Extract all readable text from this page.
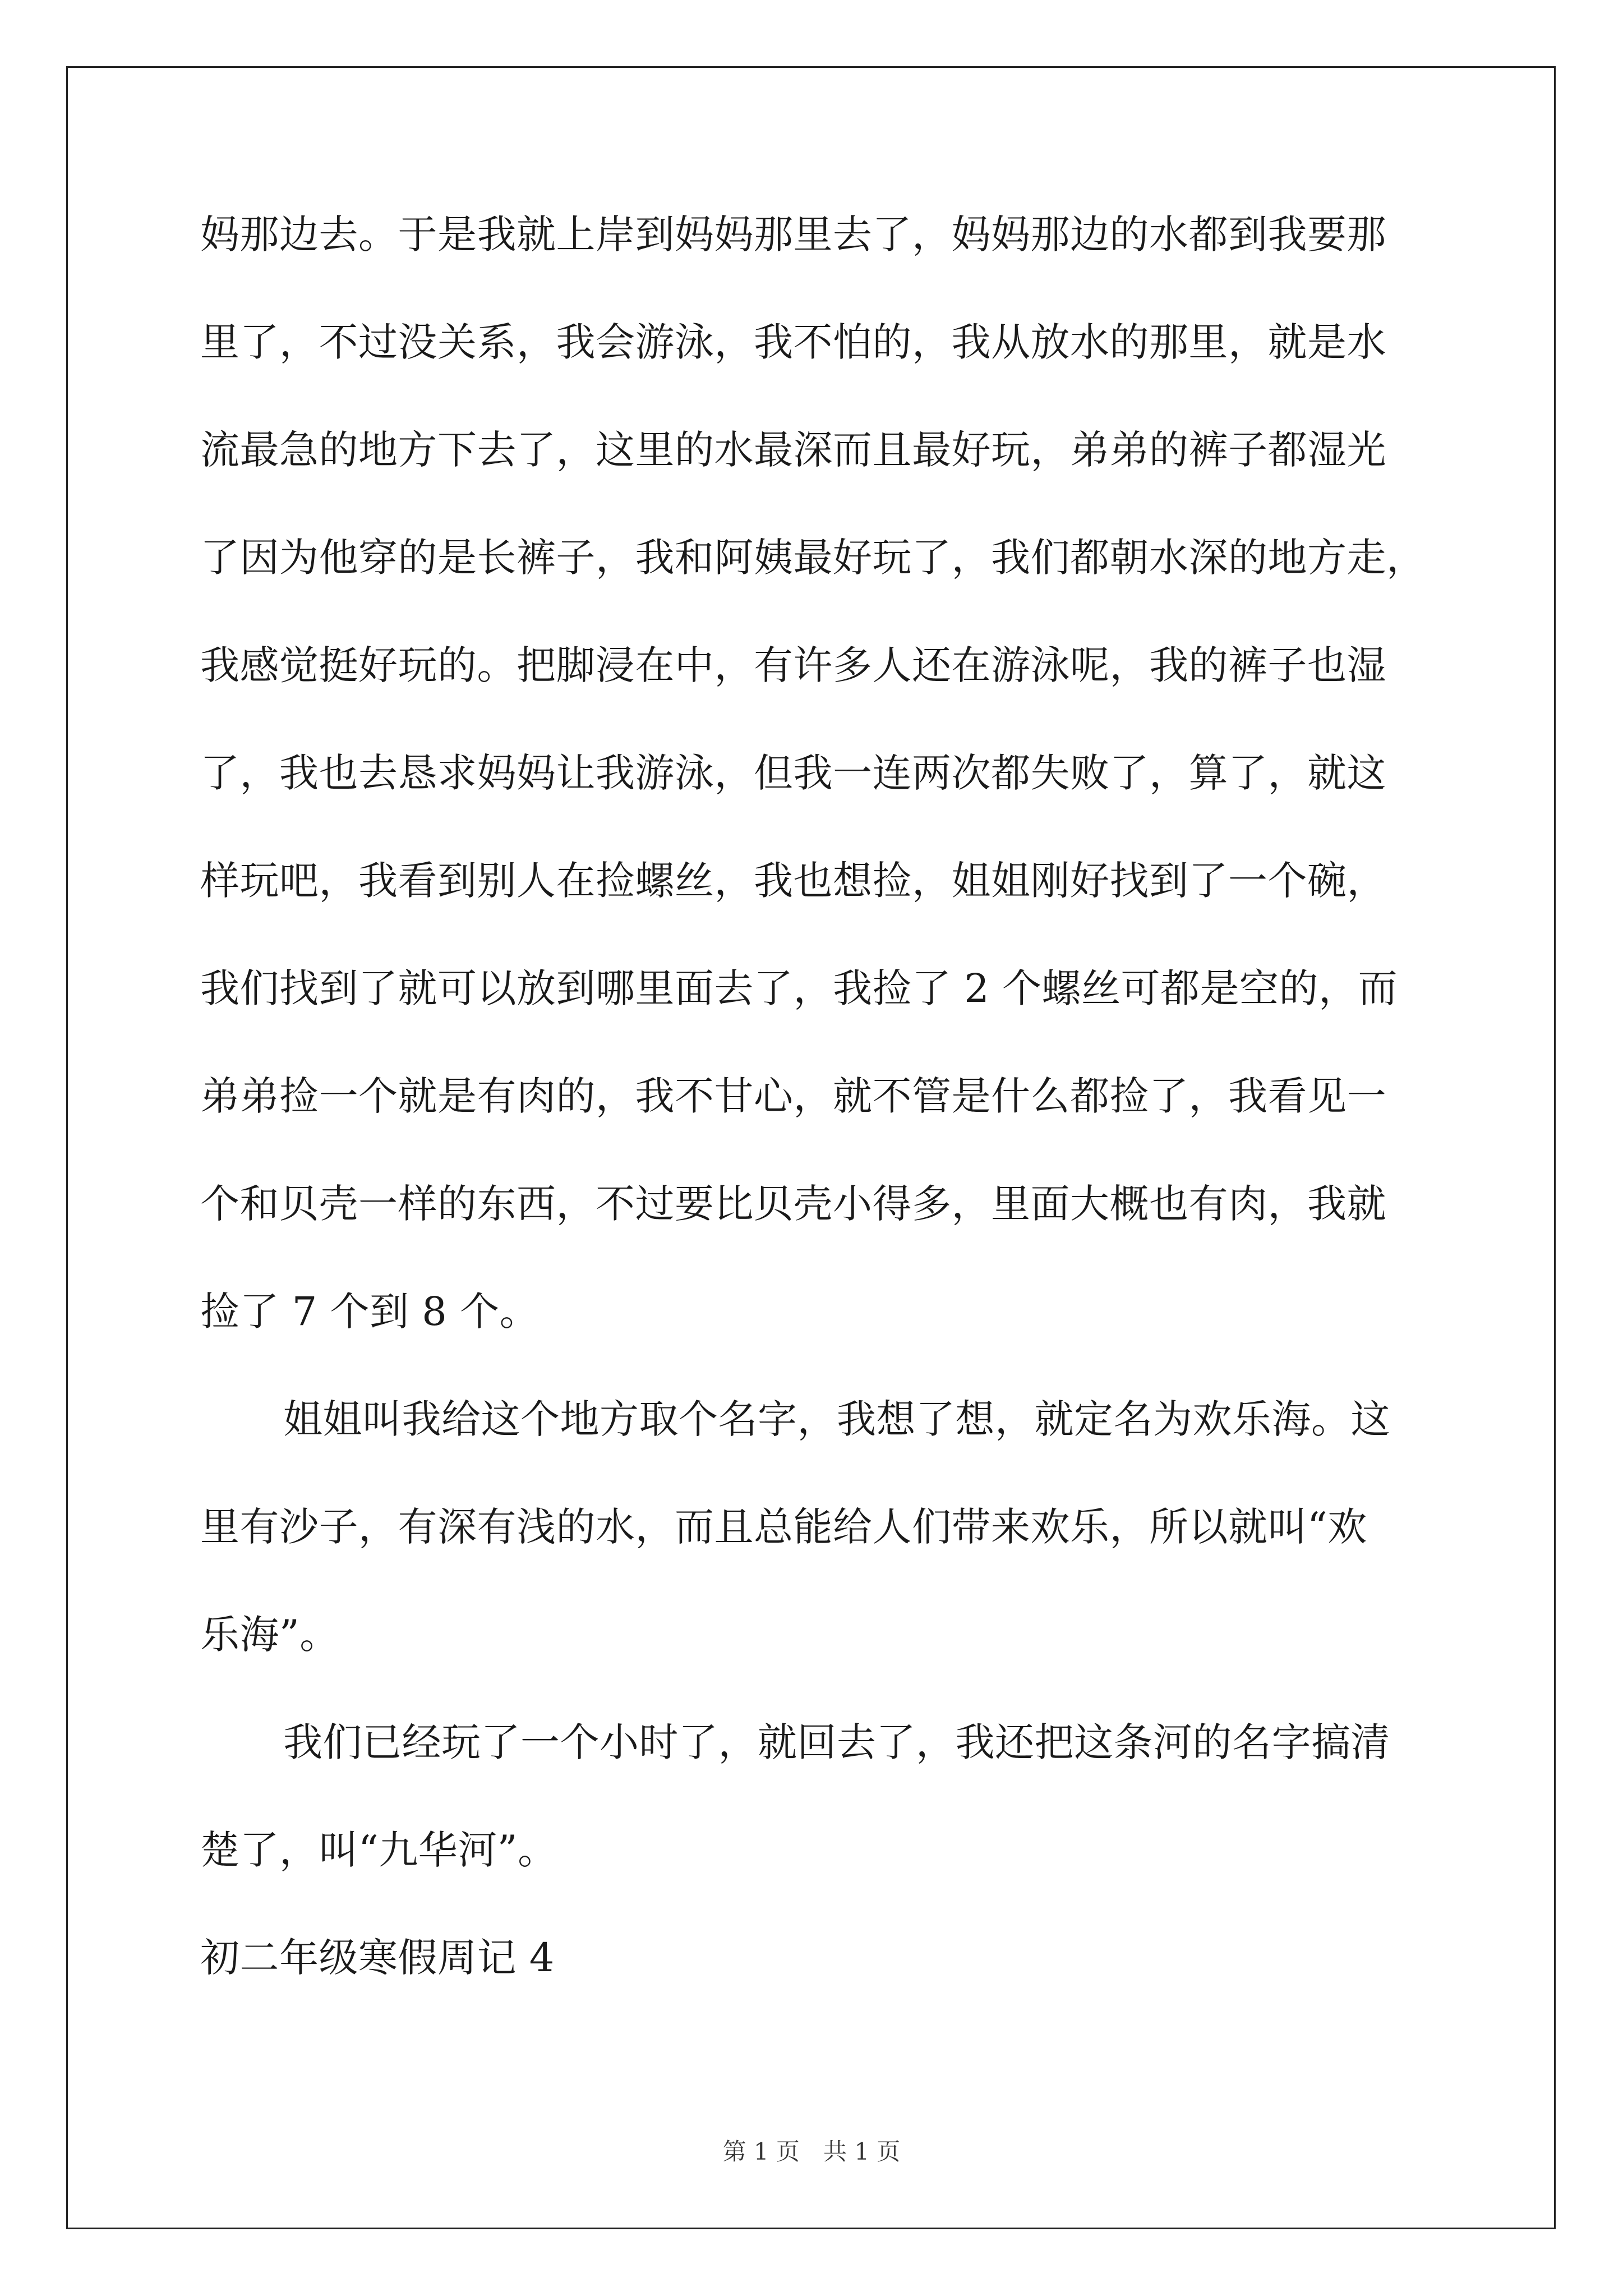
妈那边去。于是我就上岸到妈妈那里去了，妈妈那边的水都到我要那
里了，不过没关系，我会游泳，我不怕的，我从放水的那里，就是水
流最急的地方下去了，这里的水最深而且最好玩，弟弟的裤子都湿光
了因为他穿的是长裤子，我和阿姨最好玩了，我们都朝水深的地方走，
我感觉挺好玩的。把脚浸在中，有许多人还在游泳呢，我的裤子也湿
了，我也去恳求妈妈让我游泳，但我一连两次都失败了，算了，就这
样玩吧，我看到别人在捡螺丝，我也想捡，姐姐刚好找到了一个碗，
我们找到了就可以放到哪里面去了，我捡了 2 个螺丝可都是空的，而
弟弟捡一个就是有肉的，我不甘心，就不管是什么都捡了，我看见一
个和贝壳一样的东西，不过要比贝壳小得多，里面大概也有肉，我就
捡了 7 个到 8 个。
姐姐叫我给这个地方取个名字，我想了想，就定名为欢乐海。这
里有沙子，有深有浅的水，而且总能给人们带来欢乐，所以就叫“欢
乐海”。
我们已经玩了一个小时了，就回去了，我还把这条河的名字搞清
楚了，叫“九华河”。
初二年级寒假周记 4
第 1 页　共 1 页
